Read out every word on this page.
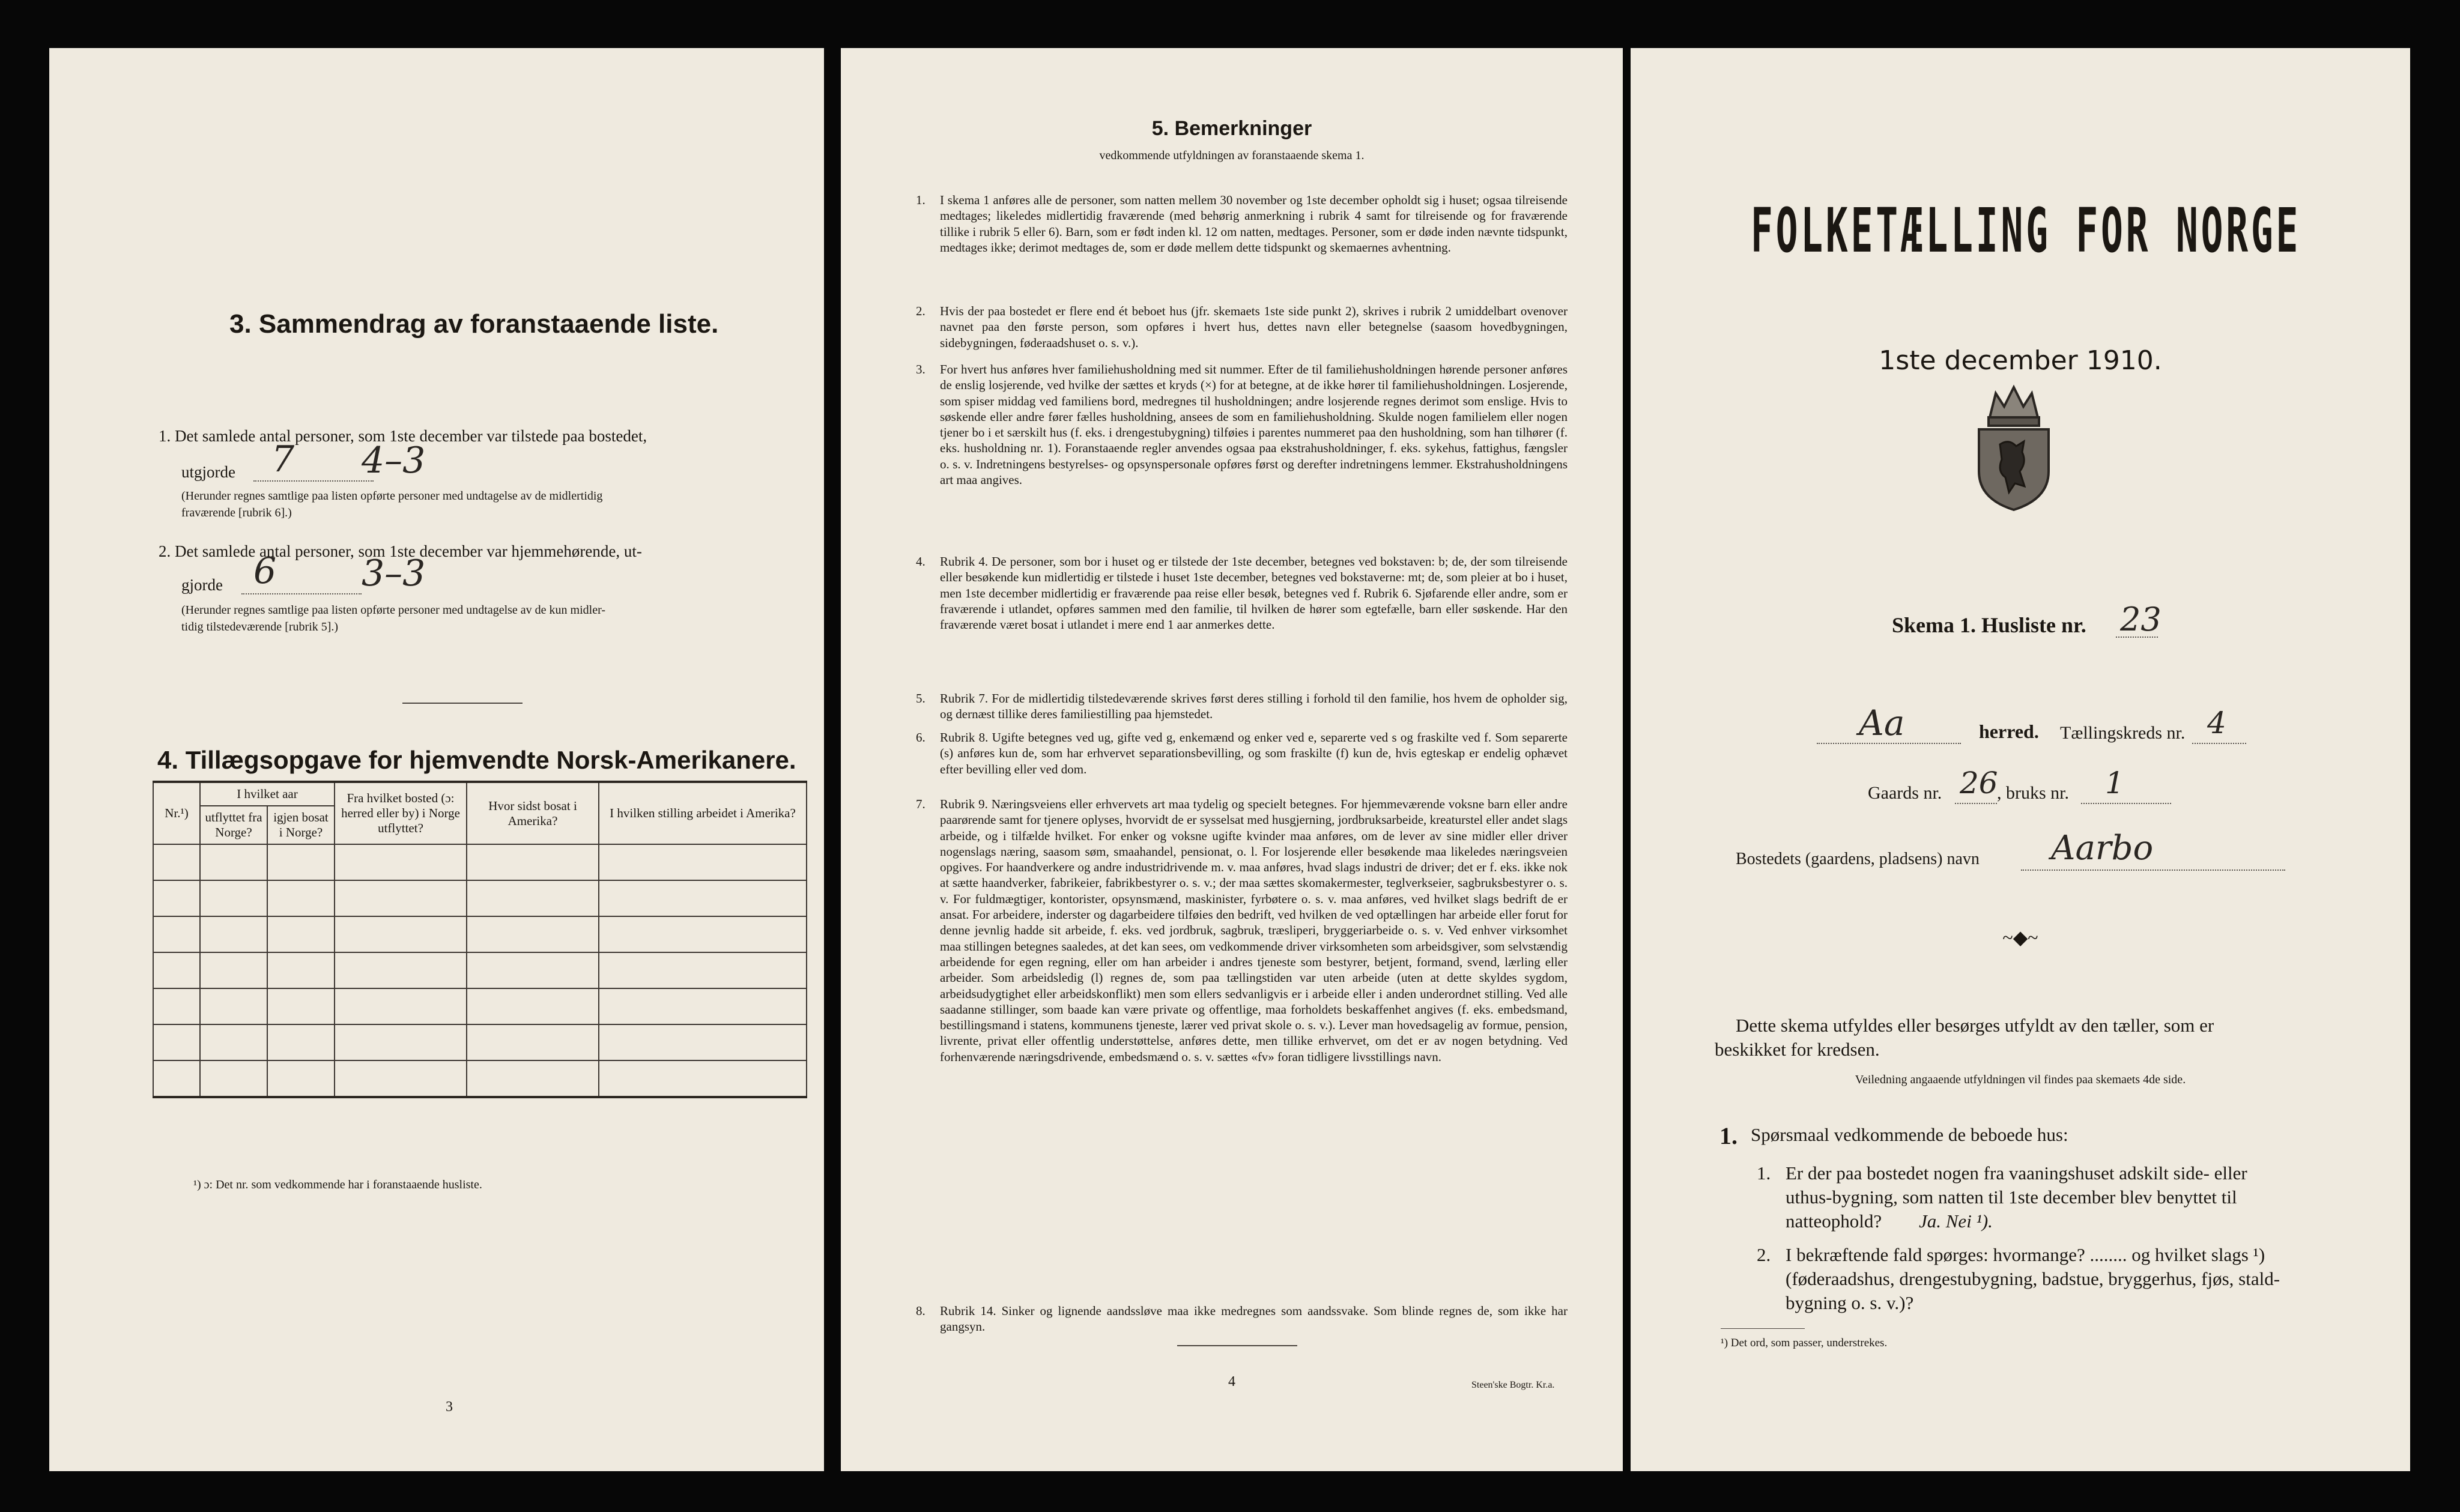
3. Sammendrag av foranstaaende liste.
1. Det samlede antal personer, som 1ste december var tilstede paa bostedet,
utgjorde 7 4–3
(Herunder regnes samtlige paa listen opførte personer med undtagelse av de midlertidig
fraværende [rubrik 6].)
2. Det samlede antal personer, som 1ste december var hjemmehørende, ut-
gjorde 6 3–3
(Herunder regnes samtlige paa listen opførte personer med undtagelse av de kun midler-
tidig tilstedeværende [rubrik 5].)
4. Tillægsopgave for hjemvendte Norsk-Amerikanere.
Nr.¹)	I hvilket aar		Fra hvilket bosted (ɔ: herred eller by) i Norge utflyttet?	Hvor sidst bosat i Amerika?	I hvilken stilling arbeidet i Amerika?
	utflyttet fra Norge?	igjen bosat i Norge?			

¹) ɔ: Det nr. som vedkommende har i foranstaaende husliste.
3
5. Bemerkninger
vedkommende utfyldningen av foranstaaende skema 1.
1. I skema 1 anføres alle de personer, som natten mellem 30 november og 1ste december opholdt sig i huset; ogsaa tilreisende medtages; likeledes midlertidig fraværende (med behørig anmerkning i rubrik 4 samt for tilreisende og for fraværende tillike i rubrik 5 eller 6). Barn, som er født inden kl. 12 om natten, medtages. Personer, som er døde inden nævnte tidspunkt, medtages ikke; derimot medtages de, som er døde mellem dette tidspunkt og skemaernes avhentning.
2. Hvis der paa bostedet er flere end ét beboet hus (jfr. skemaets 1ste side punkt 2), skrives i rubrik 2 umiddelbart ovenover navnet paa den første person, som opføres i hvert hus, dettes navn eller betegnelse (saasom hovedbygningen, sidebygningen, føderaadshuset o. s. v.).
3. For hvert hus anføres hver familiehusholdning med sit nummer. Efter de til familiehusholdningen hørende personer anføres de enslig losjerende, ved hvilke der sættes et kryds (×) for at betegne, at de ikke hører til familiehusholdningen. Losjerende, som spiser middag ved familiens bord, medregnes til husholdningen; andre losjerende regnes derimot som enslige. Hvis to søskende eller andre fører fælles husholdning, ansees de som en familiehusholdning. Skulde nogen familielem eller nogen tjener bo i et særskilt hus (f. eks. i drengestubygning) tilføies i parentes nummeret paa den husholdning, som han tilhører (f. eks. husholdning nr. 1). Foranstaaende regler anvendes ogsaa paa ekstrahusholdninger, f. eks. sykehus, fattighus, fængsler o. s. v. Indretningens bestyrelses- og opsynspersonale opføres først og derefter indretningens lemmer. Ekstrahusholdningens art maa angives.
4. Rubrik 4. De personer, som bor i huset og er tilstede der 1ste december, betegnes ved bokstaven: b; de, der som tilreisende eller besøkende kun midlertidig er tilstede i huset 1ste december, betegnes ved bokstaverne: mt; de, som pleier at bo i huset, men 1ste december midlertidig er fraværende paa reise eller besøk, betegnes ved f. Rubrik 6. Sjøfarende eller andre, som er fraværende i utlandet, opføres sammen med den familie, til hvilken de hører som egtefælle, barn eller søskende. Har den fraværende været bosat i utlandet i mere end 1 aar anmerkes dette.
5. Rubrik 7. For de midlertidig tilstedeværende skrives først deres stilling i forhold til den familie, hos hvem de opholder sig, og dernæst tillike deres familiestilling paa hjemstedet.
6. Rubrik 8. Ugifte betegnes ved ug, gifte ved g, enkemænd og enker ved e, separerte ved s og fraskilte ved f. Som separerte (s) anføres kun de, som har erhvervet separationsbevilling, og som fraskilte (f) kun de, hvis egteskap er endelig ophævet efter bevilling eller ved dom.
7. Rubrik 9. Næringsveiens eller erhvervets art maa tydelig og specielt betegnes. For hjemmeværende voksne barn eller andre paarørende samt for tjenere oplyses, hvorvidt de er sysselsat med husgjerning, jordbruksarbeide, kreaturstel eller andet slags arbeide, og i tilfælde hvilket. For enker og voksne ugifte kvinder maa anføres, om de lever av sine midler eller driver nogenslags næring, saasom søm, smaahandel, pensionat, o. l. For losjerende eller besøkende maa likeledes næringsveien opgives. For haandverkere og andre industridrivende m. v. maa anføres, hvad slags industri de driver; det er f. eks. ikke nok at sætte haandverker, fabrikeier, fabrikbestyrer o. s. v.; der maa sættes skomakermester, teglverkseier, sagbruksbestyrer o. s. v. For fuldmægtiger, kontorister, opsynsmænd, maskinister, fyrbøtere o. s. v. maa anføres, ved hvilket slags bedrift de er ansat. For arbeidere, inderster og dagarbeidere tilføies den bedrift, ved hvilken de ved optællingen har arbeide eller forut for denne jevnlig hadde sit arbeide, f. eks. ved jordbruk, sagbruk, træsliperi, bryggeriarbeide o. s. v. Ved enhver virksomhet maa stillingen betegnes saaledes, at det kan sees, om vedkommende driver virksomheten som arbeidsgiver, som selvstændig arbeidende for egen regning, eller om han arbeider i andres tjeneste som bestyrer, betjent, formand, svend, lærling eller arbeider. Som arbeidsledig (l) regnes de, som paa tællingstiden var uten arbeide (uten at dette skyldes sygdom, arbeidsudygtighet eller arbeidskonflikt) men som ellers sedvanligvis er i arbeide eller i anden underordnet stilling. Ved alle saadanne stillinger, som baade kan være private og offentlige, maa forholdets beskaffenhet angives (f. eks. embedsmand, bestillingsmand i statens, kommunens tjeneste, lærer ved privat skole o. s. v.). Lever man hovedsagelig av formue, pension, livrente, privat eller offentlig understøttelse, anføres dette, men tillike erhvervet, om det er av nogen betydning. Ved forhenværende næringsdrivende, embedsmænd o. s. v. sættes «fv» foran tidligere livsstillings navn.
8. Rubrik 14. Sinker og lignende aandssløve maa ikke medregnes som aandssvake. Som blinde regnes de, som ikke har gangsyn.
4	Steen'ske Bogtr. Kr.a.
FOLKETÆLLING FOR NORGE
1ste december 1910.
Skema 1. Husliste nr. 23
Aa	herred. Tællingskreds nr. 4
Gaards nr. 26
, bruks nr. 1
Bostedets (gaardens, pladsens) navn Aarbo
~◆~
Dette skema utfyldes eller besørges utfyldt av den tæller, som er
beskikket for kredsen.
Veiledning angaaende utfyldningen vil findes paa skemaets 4de side.
1. Spørsmaal vedkommende de beboede hus:
1. Er der paa bostedet nogen fra vaaningshuset adskilt side- eller
uthus-bygning, som natten til 1ste december blev benyttet til
natteophold? Ja. Nei ¹).
2. I bekræftende fald spørges: hvormange? ........ og hvilket slags ¹)
(føderaadshus, drengestubygning, badstue, bryggerhus, fjøs, stald-
bygning o. s. v.)?
¹) Det ord, som passer, understrekes.
